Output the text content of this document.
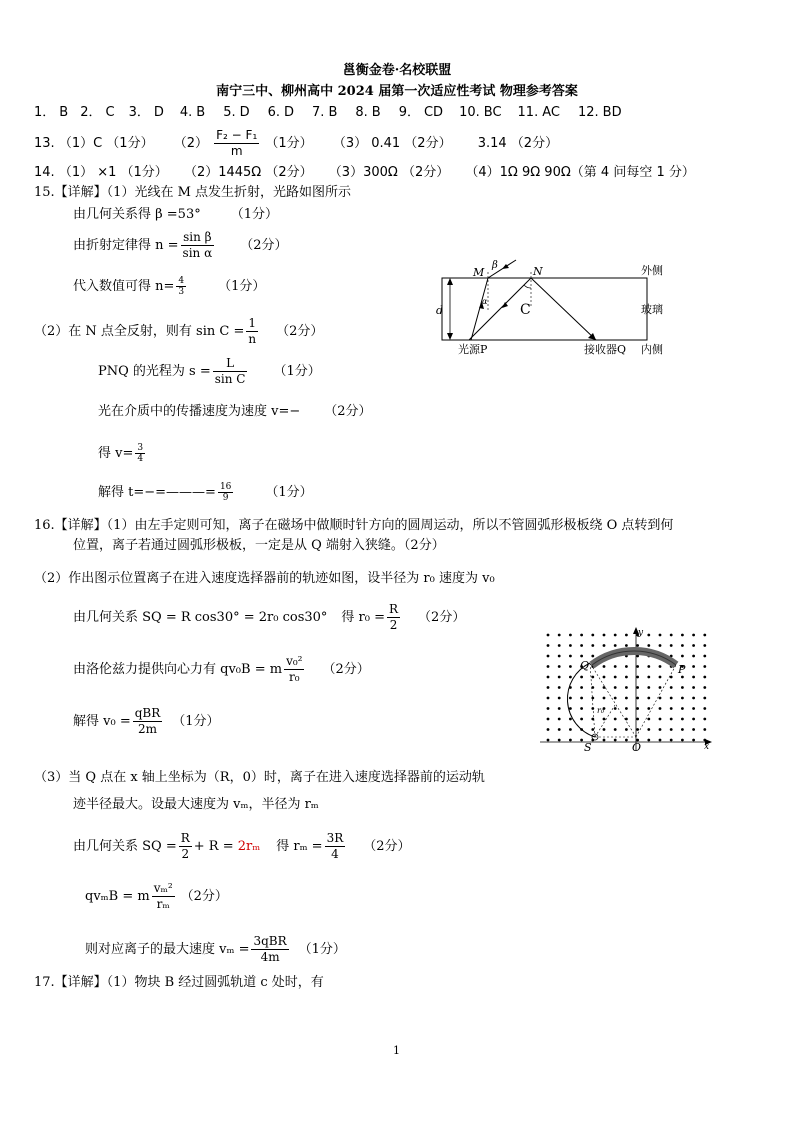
邕衡金卷·名校联盟
南宁三中、柳州高中 2024 届第一次适应性考试 物理参考答案
1． B 2． C 3． D 4. B 5. D 6. D 7. B 8. B 9． CD 10. BC 11. AC 12. BD
13. （1）C （1分） $(2) \frac{\text{F₂ − F₁}}{m} (1$分） （3） 0.41 （2分） 3.14 （2分）
14. （1） ×1 （1分） （2）1445Ω （2分） （3）300Ω （2分） （4）1Ω 9Ω 90Ω（第 4 问每空 1 分）
15.【详解】（1）光线在 M 点发生折射，光路如图所示
由几何关系得 β =53° （1分）
由折射定律得 $n = \frac{\text{sin β}}{\text{sin α}} (2$分）
代入数值可得 $n= \frac{4}{3} (1$分）
（2）在 N 点全反射，则有 $\sin C = \frac{1}{n} (2$分）
PNQ 的光程为 $s = \frac{L}{\text{sin C}} (1$分）
光在介质中的传播速度为速度 v=− （2分）
得 $v= \frac{3}{4}$
解得 t=−=———= $\frac{16}{9} (1$分）
M
β
α
N
C
d
外侧
玻璃
内侧
光源P	接收器Q
16.【详解】（1）由左手定则可知，离子在磁场中做顺时针方向的圆周运动，所以不管圆弧形极板绕 O 点转到何
位置，离子若通过圆弧形极板，一定是从 Q 端射入狭缝。（2分）
（2）作出图示位置离子在进入速度选择器前的轨迹如图，设半径为 r₀ 速度为 v₀
由几何关系 SQ = R cos30° = 2r₀ cos30° 得 $r_0 = \frac{R}{2} (2$分）
由洛伦兹力提供向心力有 qv₀B = m $\frac{\text{v₀²}}{\text{r₀}} (2$分）
解得 $v_0 = \frac{\text{qBR}}{2m} (1$分）
（3）当 Q 点在 x 轴上坐标为（R，0）时，离子在进入速度选择器前的运动轨
迹半径最大。设最大速度为 vₘ，半径为 rₘ
由几何关系 SQ = $\frac{R}{2} + R = 2r_m$ 得 $r_m = \frac{3R}{4} (2$分）
qvₘB = m $\frac{\text{vₘ²}}{\text{rₘ}} (2$分）
则对应离子的最大速度 $v_m = \frac{\text{3qBR}}{4m} (1$分）
y
x
Q	P
S	O
r₀
17.【详解】（1）物块 B 经过圆弧轨道 c 处时，有
1
